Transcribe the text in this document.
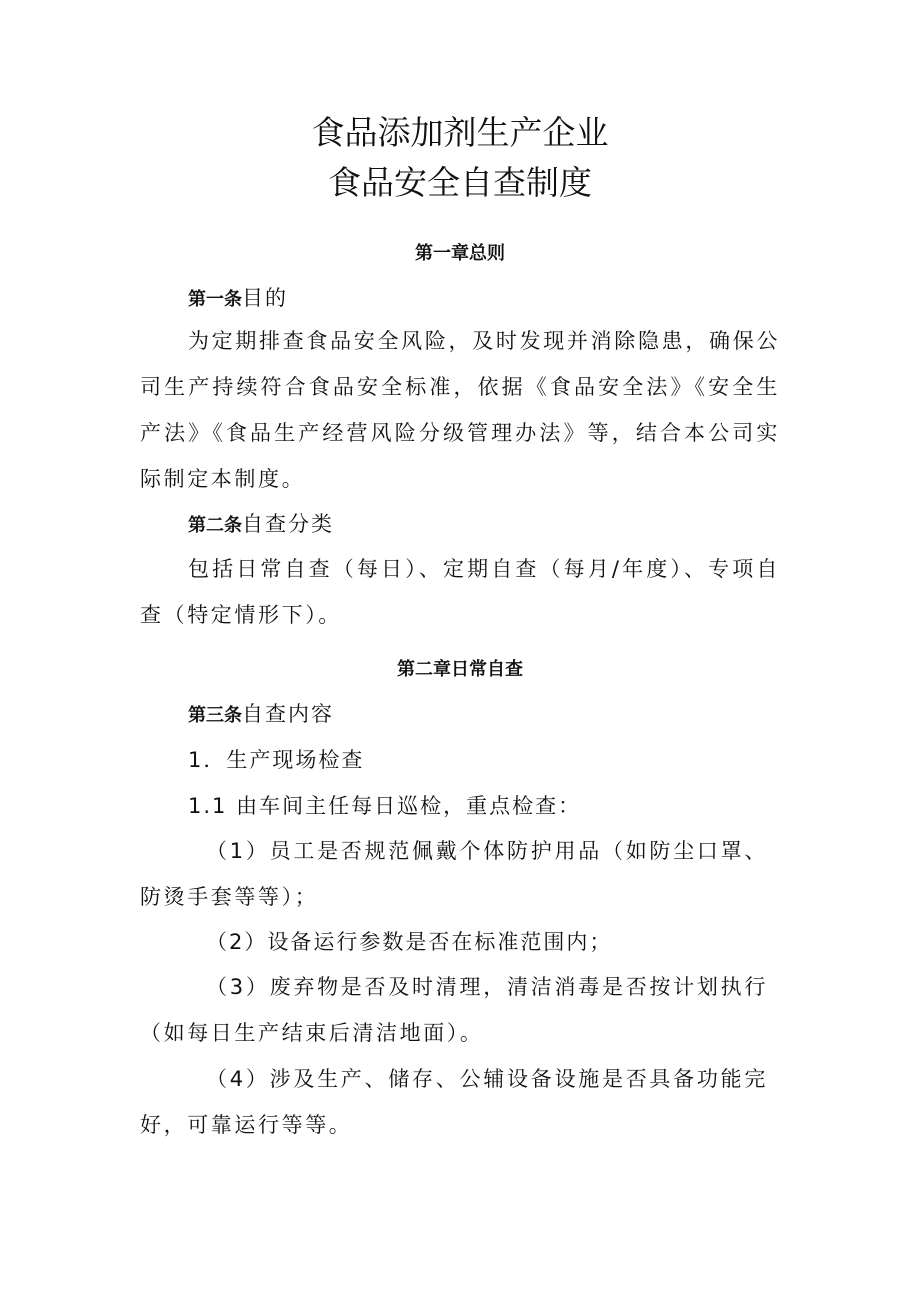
食品添加剂生产企业
食品安全自查制度
第一章总则
第一条目的
为定期排查食品安全风险，及时发现并消除隐患，确保公司生产持续符合食品安全标准，依据《食品安全法》《安全生产法》《食品生产经营风险分级管理办法》等，结合本公司实际制定本制度。
第二条自查分类
包括日常自查（每日）、定期自查（每月/年度）、专项自查（特定情形下）。
第二章日常自查
第三条自查内容
1．生产现场检查
1.1 由车间主任每日巡检，重点检查：
（1）员工是否规范佩戴个体防护用品（如防尘口罩、防烫手套等等）；
（2）设备运行参数是否在标准范围内；
（3）废弃物是否及时清理，清洁消毒是否按计划执行（如每日生产结束后清洁地面）。
（4）涉及生产、储存、公辅设备设施是否具备功能完好，可靠运行等等。
